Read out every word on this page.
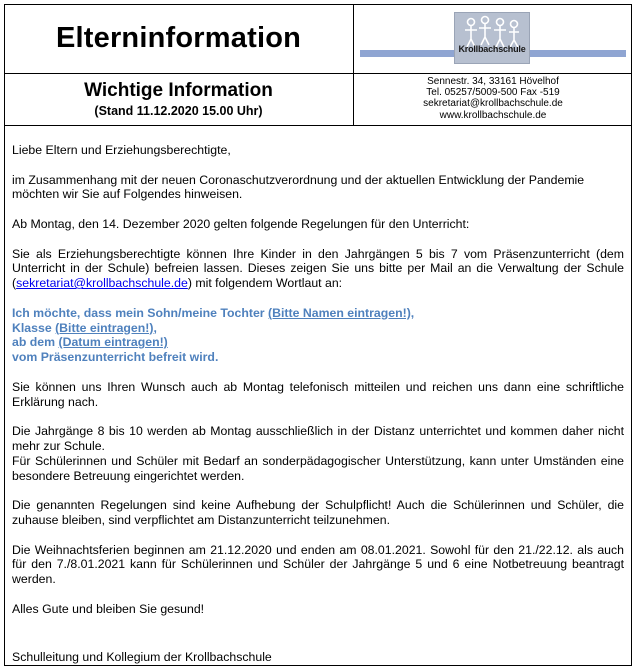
Elterninformation	Krollbachschule
Hövelhof
Wichtige Information
(Stand 11.12.2020 15.00 Uhr)
Sennestr. 34, 33161 Hövelhof
Tel. 05257/5009-500 Fax -519
sekretariat@krollbachschule.de
www.krollbachschule.de

Liebe Eltern und Erziehungsberechtigte,

im Zusammenhang mit der neuen Coronaschutzverordnung und der aktuellen Entwicklung der Pandemie möchten wir Sie auf Folgendes hinweisen.

Ab Montag, den 14. Dezember 2020 gelten folgende Regelungen für den Unterricht:

Sie als Erziehungsberechtigte können Ihre Kinder in den Jahrgängen 5 bis 7 vom Präsenzunterricht (dem Unterricht in der Schule) befreien lassen. Dieses zeigen Sie uns bitte per Mail an die Verwaltung der Schule (sekretariat@krollbachschule.de) mit folgendem Wortlaut an:

Ich möchte, dass mein Sohn/meine Tochter (Bitte Namen eintragen!),
Klasse (Bitte eintragen!),
ab dem (Datum eintragen!)
vom Präsenzunterricht befreit wird.

Sie können uns Ihren Wunsch auch ab Montag telefonisch mitteilen und reichen uns dann eine schriftliche Erklärung nach.

Die Jahrgänge 8 bis 10 werden ab Montag ausschließlich in der Distanz unterrichtet und kommen daher nicht mehr zur Schule.
Für Schülerinnen und Schüler mit Bedarf an sonderpädagogischer Unterstützung, kann unter Umständen eine besondere Betreuung eingerichtet werden.

Die genannten Regelungen sind keine Aufhebung der Schulpflicht! Auch die Schülerinnen und Schüler, die zuhause bleiben, sind verpflichtet am Distanzunterricht teilzunehmen.

Die Weihnachtsferien beginnen am 21.12.2020 und enden am 08.01.2021. Sowohl für den 21./22.12. als auch für den 7./8.01.2021 kann für Schülerinnen und Schüler der Jahrgänge 5 und 6 eine Notbetreuung beantragt werden.

Alles Gute und bleiben Sie gesund!

Schulleitung und Kollegium der Krollbachschule
